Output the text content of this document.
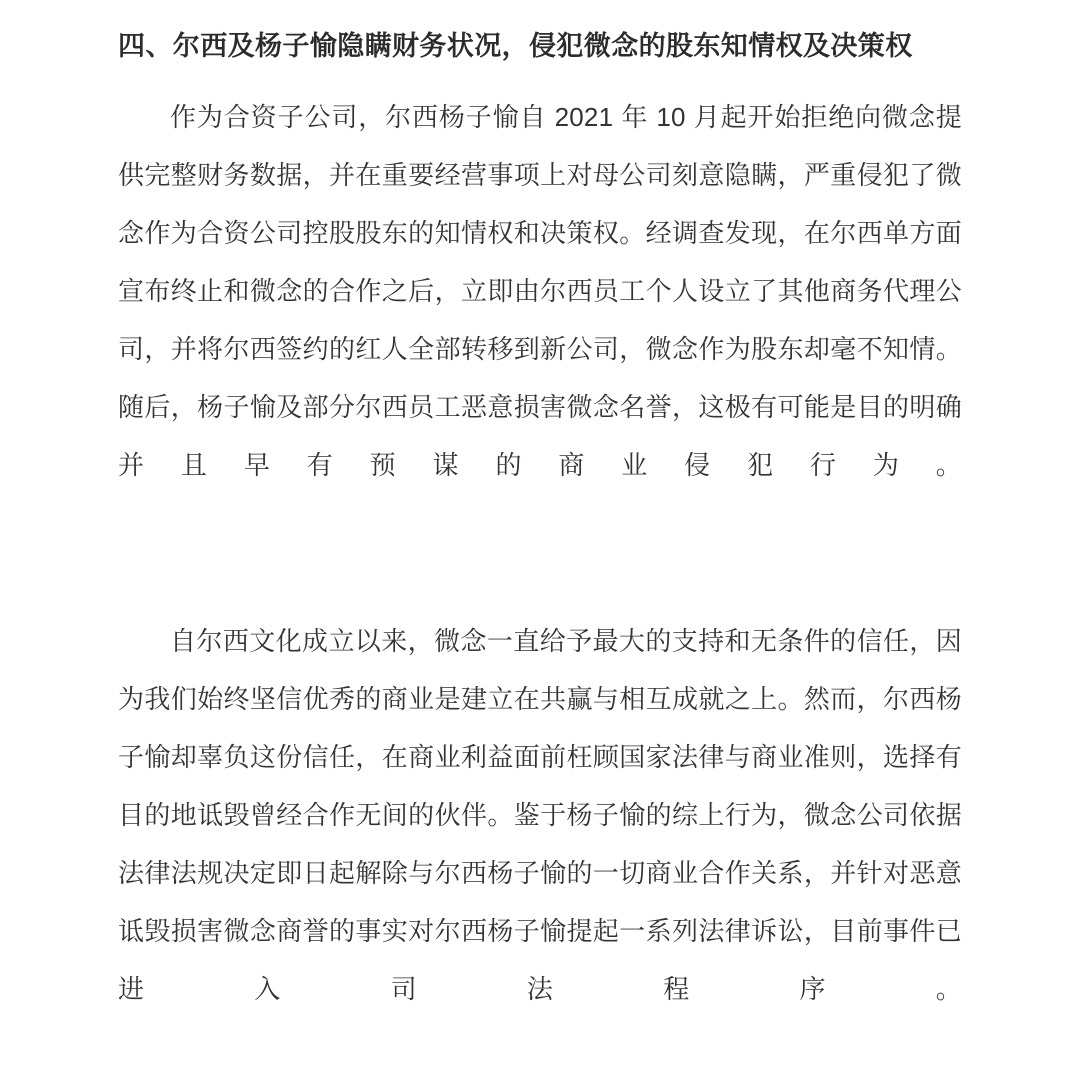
四、尔西及杨子愉隐瞒财务状况，侵犯微念的股东知情权及决策权

作为合资子公司，尔西杨子愉自 2021 年 10 月起开始拒绝向微念提供完整财务数据，并在重要经营事项上对母公司刻意隐瞒，严重侵犯了微念作为合资公司控股股东的知情权和决策权。经调查发现，在尔西单方面宣布终止和微念的合作之后，立即由尔西员工个人设立了其他商务代理公司，并将尔西签约的红人全部转移到新公司，微念作为股东却毫不知情。随后，杨子愉及部分尔西员工恶意损害微念名誉，这极有可能是目的明确并且早有预谋的商业侵犯行为。

自尔西文化成立以来，微念一直给予最大的支持和无条件的信任，因为我们始终坚信优秀的商业是建立在共赢与相互成就之上。然而，尔西杨子愉却辜负这份信任，在商业利益面前枉顾国家法律与商业准则，选择有目的地诋毁曾经合作无间的伙伴。鉴于杨子愉的综上行为，微念公司依据法律法规决定即日起解除与尔西杨子愉的一切商业合作关系，并针对恶意诋毁损害微念商誉的事实对尔西杨子愉提起一系列法律诉讼，目前事件已进入司法程序。
